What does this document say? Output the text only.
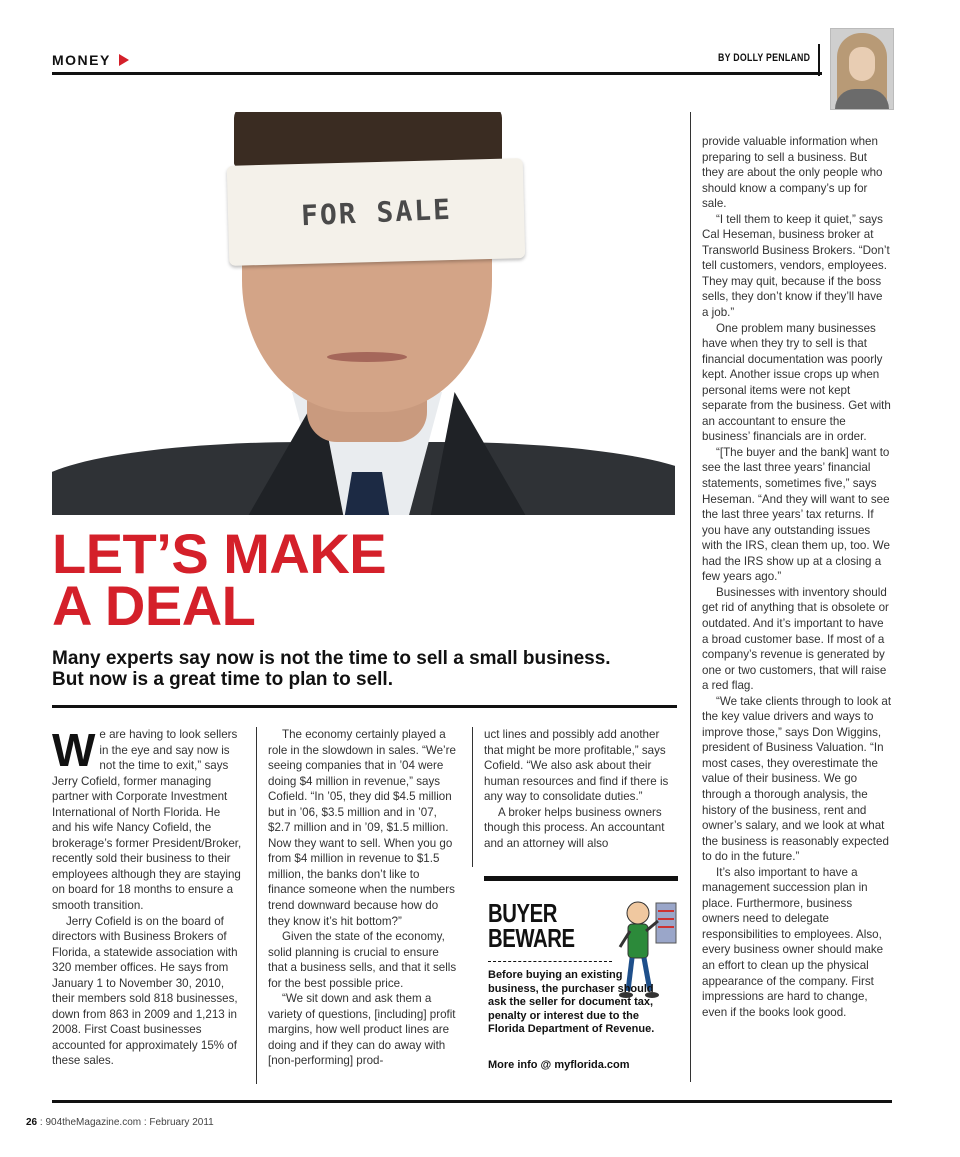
MONEY	BY DOLLY PENLAND
FOR SALE
LET’S MAKE
A DEAL
Many experts say now is not the time to sell a small business.
But now is a great time to plan to sell.

We are having to look sellers in the eye and say now is not the time to exit,” says Jerry Cofield, former managing partner with Corporate Investment International of North Florida. He and his wife Nancy Cofield, the brokerage’s former President/Broker, recently sold their business to their employees although they are staying on board for 18 months to ensure a smooth transition.

Jerry Cofield is on the board of directors with Business Brokers of Florida, a statewide association with 320 member offices. He says from January 1 to November 30, 2010, their members sold 818 businesses, down from 863 in 2009 and 1,213 in 2008. First Coast businesses accounted for approximately 15% of these sales.

The economy certainly played a role in the slowdown in sales. “We’re seeing companies that in ’04 were doing $4 million in revenue,” says Cofield. “In ’05, they did $4.5 million but in ’06, $3.5 million and in ’07, $2.7 million and in ’09, $1.5 million. Now they want to sell. When you go from $4 million in revenue to $1.5 million, the banks don’t like to finance someone when the numbers trend downward because how do they know it’s hit bottom?”

Given the state of the economy, solid planning is crucial to ensure that a business sells, and that it sells for the best possible price.

“We sit down and ask them a variety of questions, [including] profit margins, how well product lines are doing and if they can do away with [non-performing] prod-

uct lines and possibly add another that might be more profitable,” says Cofield. “We also ask about their human resources and find if there is any way to consolidate duties.”

A broker helps business owners though this process. An accountant and an attorney will also

provide valuable information when preparing to sell a business. But they are about the only people who should know a company’s up for sale.

“I tell them to keep it quiet,” says Cal Heseman, business broker at Transworld Business Brokers. “Don’t tell customers, vendors, employees. They may quit, because if the boss sells, they don’t know if they’ll have a job.”

One problem many businesses have when they try to sell is that financial documentation was poorly kept. Another issue crops up when personal items were not kept separate from the business. Get with an accountant to ensure the business’ financials are in order.

“[The buyer and the bank] want to see the last three years’ financial statements, sometimes five,” says Heseman. “And they will want to see the last three years’ tax returns. If you have any outstanding issues with the IRS, clean them up, too. We had the IRS show up at a closing a few years ago.”

Businesses with inventory should get rid of anything that is obsolete or outdated. And it’s important to have a broad customer base. If most of a company’s revenue is generated by one or two customers, that will raise a red flag.

“We take clients through to look at the key value drivers and ways to improve those,” says Don Wiggins, president of Business Valuation. “In most cases, they overestimate the value of their business. We go through a thorough analysis, the history of the business, rent and owner’s salary, and we look at what the business is reasonably expected to do in the future.”

It’s also important to have a management succession plan in place. Furthermore, business owners need to delegate responsibilities to employees. Also, every business owner should make an effort to clean up the physical appearance of the company. First impressions are hard to change, even if the books look good.

BUYER
BEWARE
Before buying an existing business, the purchaser should ask the seller for document tax, penalty or interest due to the Florida Department of Revenue.
More info @ myflorida.com
26 : 904theMagazine.com : February 2011
